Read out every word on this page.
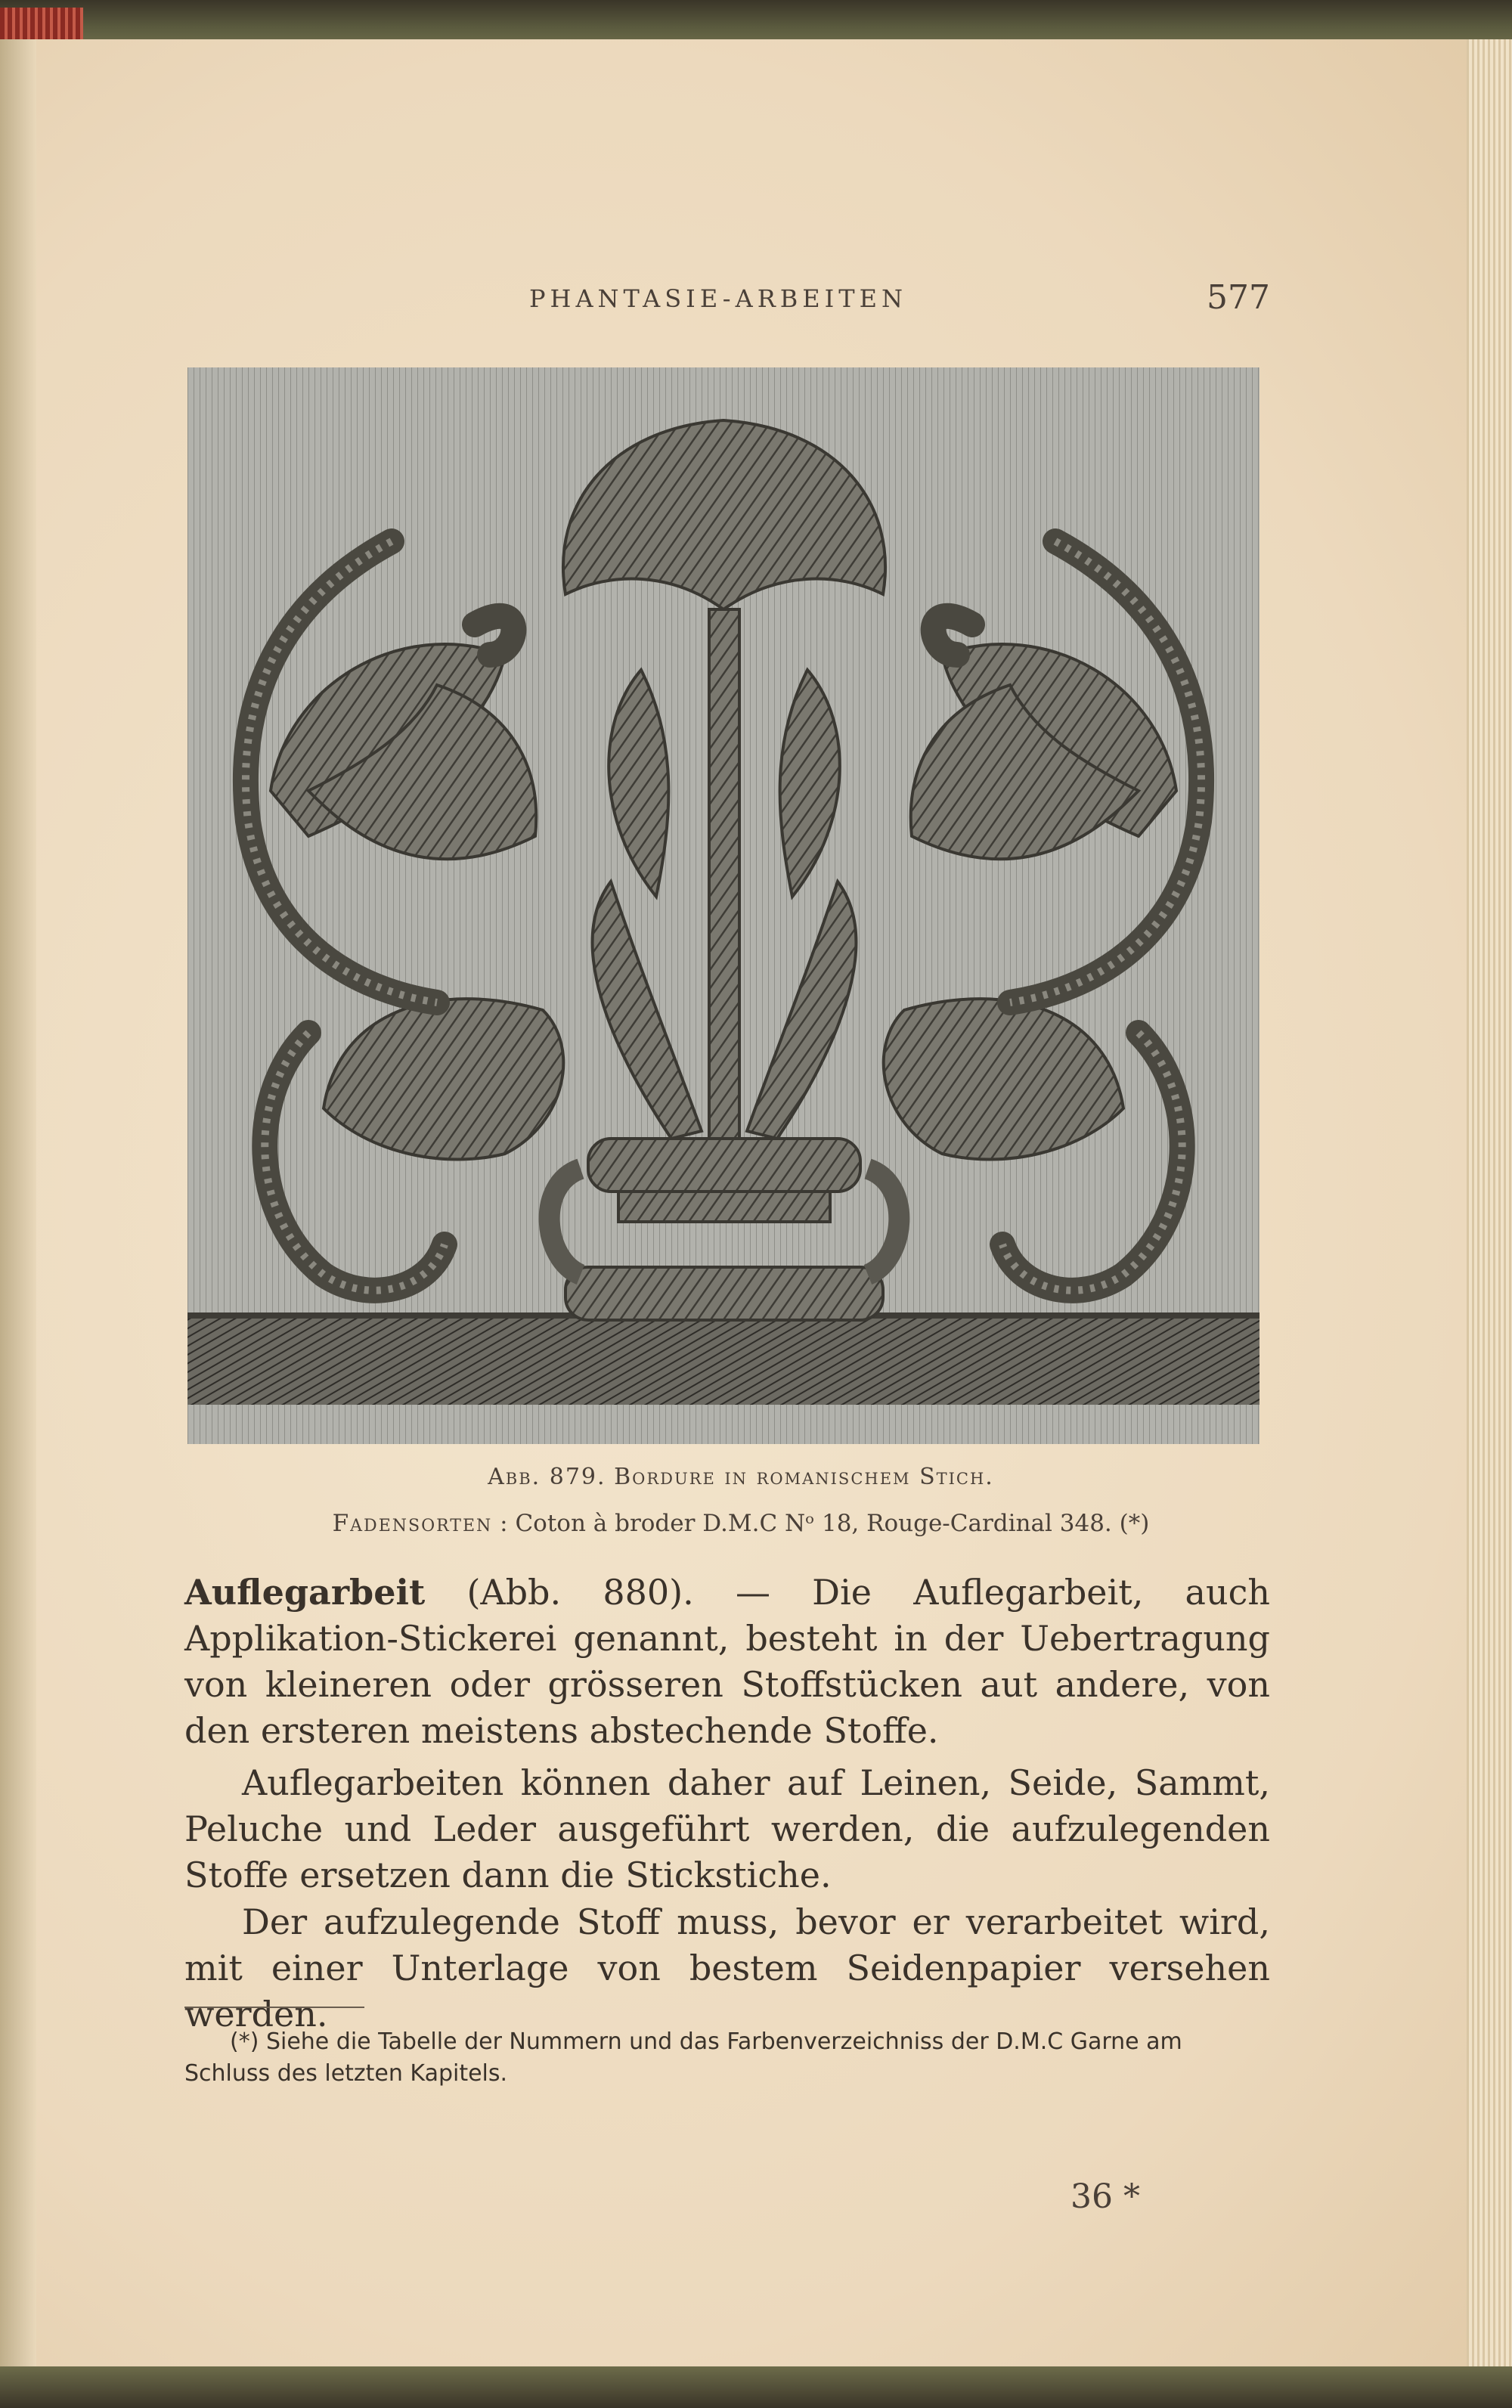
PHANTASIE-ARBEITEN	577
Abb. 879. Bordure in romanischem Stich.
Fadensorten : Coton à broder D.M.C Nᵒ 18, Rouge-Cardinal 348. (*)
Auflegarbeit (Abb. 880). — Die Auflegarbeit, auch Applikation-Stickerei genannt, besteht in der Uebertragung von kleineren oder grösseren Stoffstücken aut andere, von den ersteren meistens abstechende Stoffe.
Auflegarbeiten können daher auf Leinen, Seide, Sammt, Peluche und Leder ausgeführt werden, die aufzulegenden Stoffe ersetzen dann die Stickstiche.
Der aufzulegende Stoff muss, bevor er verarbeitet wird, mit einer Unterlage von bestem Seidenpapier versehen werden.
(*) Siehe die Tabelle der Nummern und das Farbenverzeichniss der D.M.C Garne am Schluss des letzten Kapitels.
36 *
